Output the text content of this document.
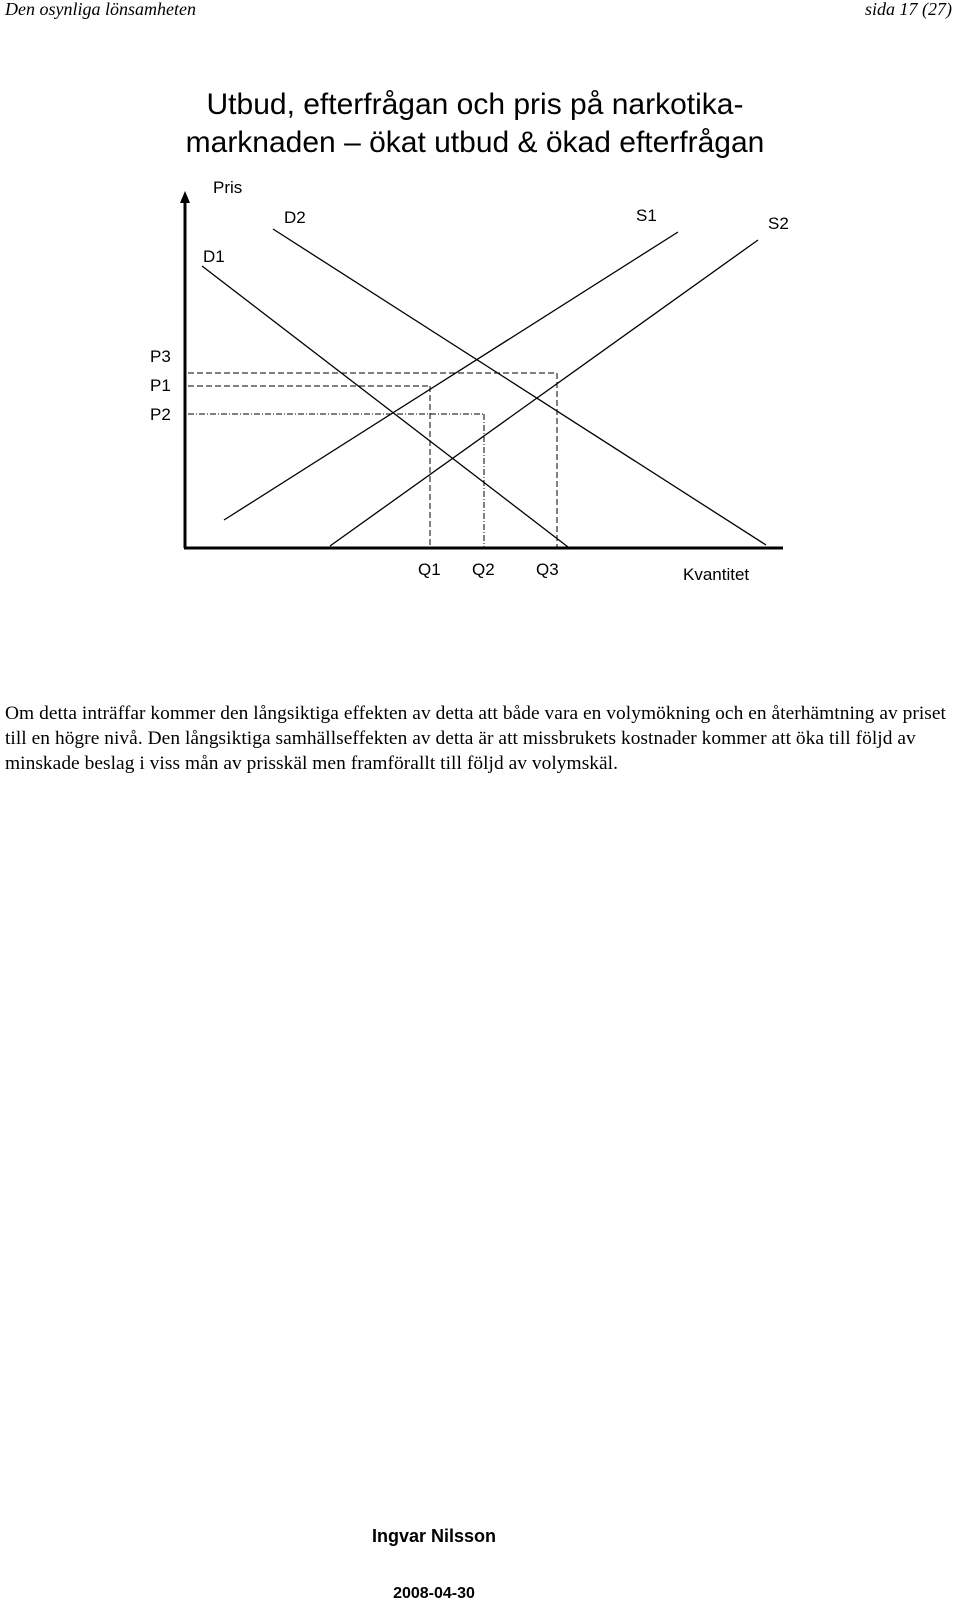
Den osynliga lönsamheten	sida 17 (27)
Utbud, efterfrågan och pris på narkotika-
marknaden – ökat utbud & ökad efterfrågan
Pris
D1
D2	S1	S2
P3
P1
P2
Q1 Q2 Q3	Kvantitet
Om detta inträffar kommer den långsiktiga effekten av detta att både vara en volymökning och en återhämtning av priset till en högre nivå. Den långsiktiga samhällseffekten av detta är att missbrukets kostnader kommer att öka till följd av minskade beslag i viss mån av prisskäl men framförallt till följd av volymskäl.
Ingvar Nilsson
2008-04-30
